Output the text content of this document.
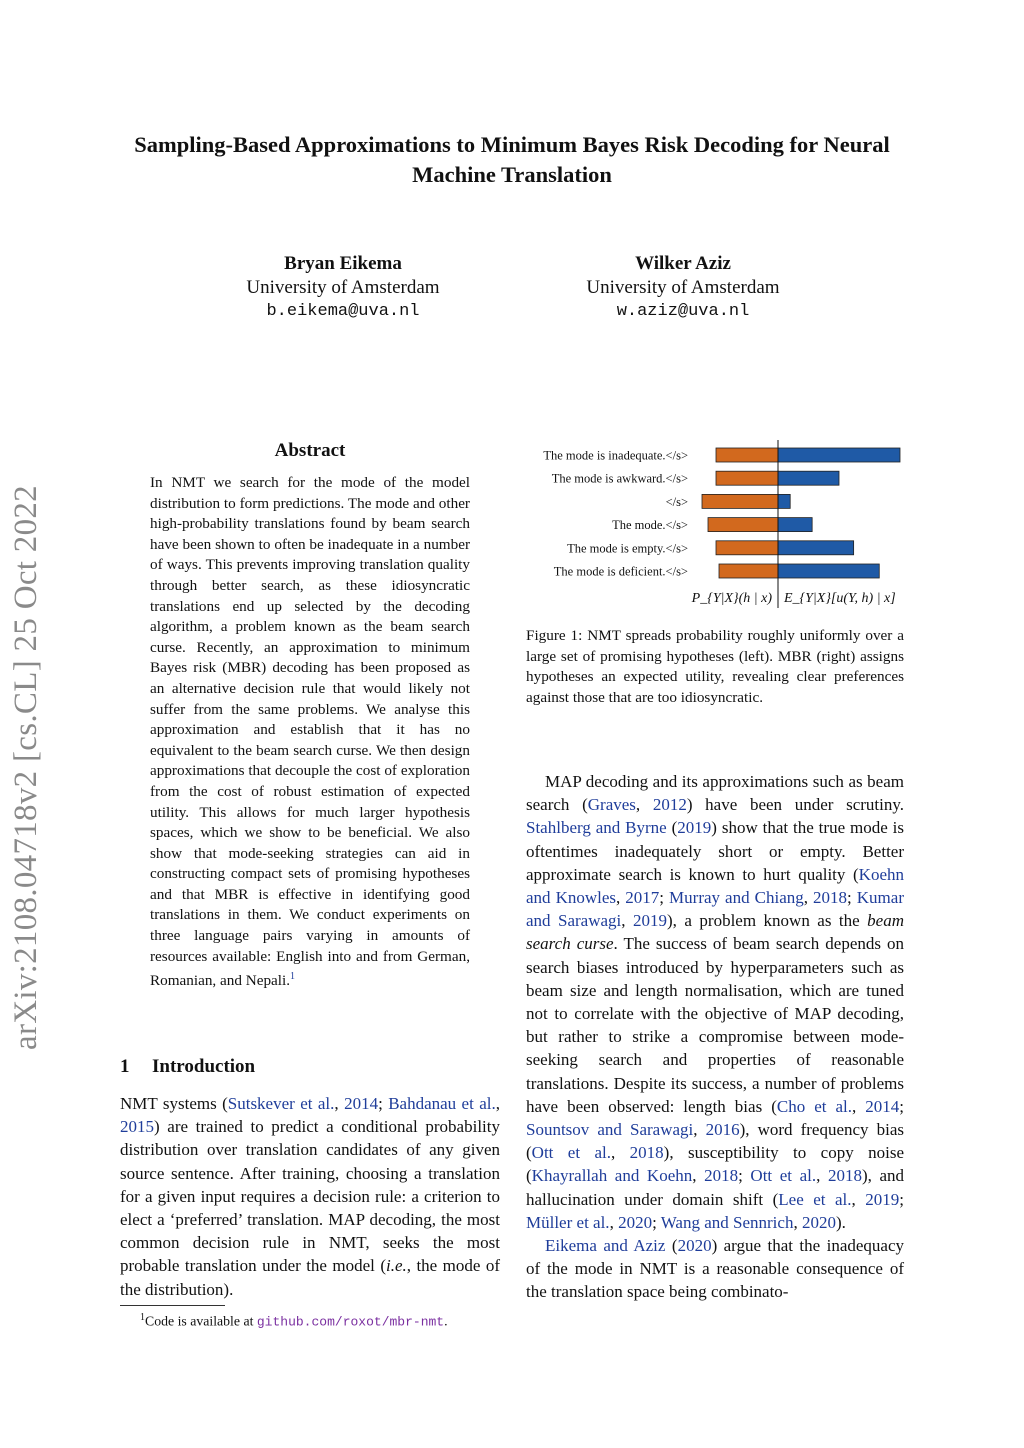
Sampling-Based Approximations to Minimum Bayes Risk Decoding for Neural Machine Translation
Bryan Eikema
University of Amsterdam
b.eikema@uva.nl
Wilker Aziz
University of Amsterdam
w.aziz@uva.nl
arXiv:2108.04718v2 [cs.CL] 25 Oct 2022
Abstract
In NMT we search for the mode of the model distribution to form predictions. The mode and other high-probability translations found by beam search have been shown to often be inadequate in a number of ways. This prevents improving translation quality through better search, as these idiosyncratic translations end up selected by the decoding algorithm, a problem known as the beam search curse. Recently, an approximation to minimum Bayes risk (MBR) decoding has been proposed as an alternative decision rule that would likely not suffer from the same problems. We analyse this approximation and establish that it has no equivalent to the beam search curse. We then design approximations that decouple the cost of exploration from the cost of robust estimation of expected utility. This allows for much larger hypothesis spaces, which we show to be beneficial. We also show that mode-seeking strategies can aid in constructing compact sets of promising hypotheses and that MBR is effective in identifying good translations in them. We conduct experiments on three language pairs varying in amounts of resources available: English into and from German, Romanian, and Nepali.$^1$
1 Introduction
NMT systems (Sutskever et al., 2014; Bahdanau et al., 2015) are trained to predict a conditional probability distribution over translation candidates of any given source sentence. After training, choosing a translation for a given input requires a decision rule: a criterion to elect a ‘preferred’ translation. MAP decoding, the most common decision rule in NMT, seeks the most probable translation under the model (i.e., the mode of the distribution).
$^1$Code is available at github.com/roxot/mbr-nmt.
The mode is inadequate.</s>
The mode is awkward.</s>
</s>
The mode.</s>
The mode is empty.</s>
The mode is deficient.</s>
P_{Y|X}(h | x) E_{Y|X}[u(Y, h) | x]
Figure 1: NMT spreads probability roughly uniformly over a large set of promising hypotheses (left). MBR (right) assigns hypotheses an expected utility, revealing clear preferences against those that are too idiosyncratic.

MAP decoding and its approximations such as beam search (Graves, 2012) have been under scrutiny. Stahlberg and Byrne (2019) show that the true mode is oftentimes inadequately short or empty. Better approximate search is known to hurt quality (Koehn and Knowles, 2017; Murray and Chiang, 2018; Kumar and Sarawagi, 2019), a problem known as the beam search curse. The success of beam search depends on search biases introduced by hyperparameters such as beam size and length normalisation, which are tuned not to correlate with the objective of MAP decoding, but rather to strike a compromise between mode-seeking search and properties of reasonable translations. Despite its success, a number of problems have been observed: length bias (Cho et al., 2014; Sountsov and Sarawagi, 2016), word frequency bias (Ott et al., 2018), susceptibility to copy noise (Khayrallah and Koehn, 2018; Ott et al., 2018), and hallucination under domain shift (Lee et al., 2019; Müller et al., 2020; Wang and Sennrich, 2020).

Eikema and Aziz (2020) argue that the inadequacy of the mode in NMT is a reasonable consequence of the translation space being combinato-
